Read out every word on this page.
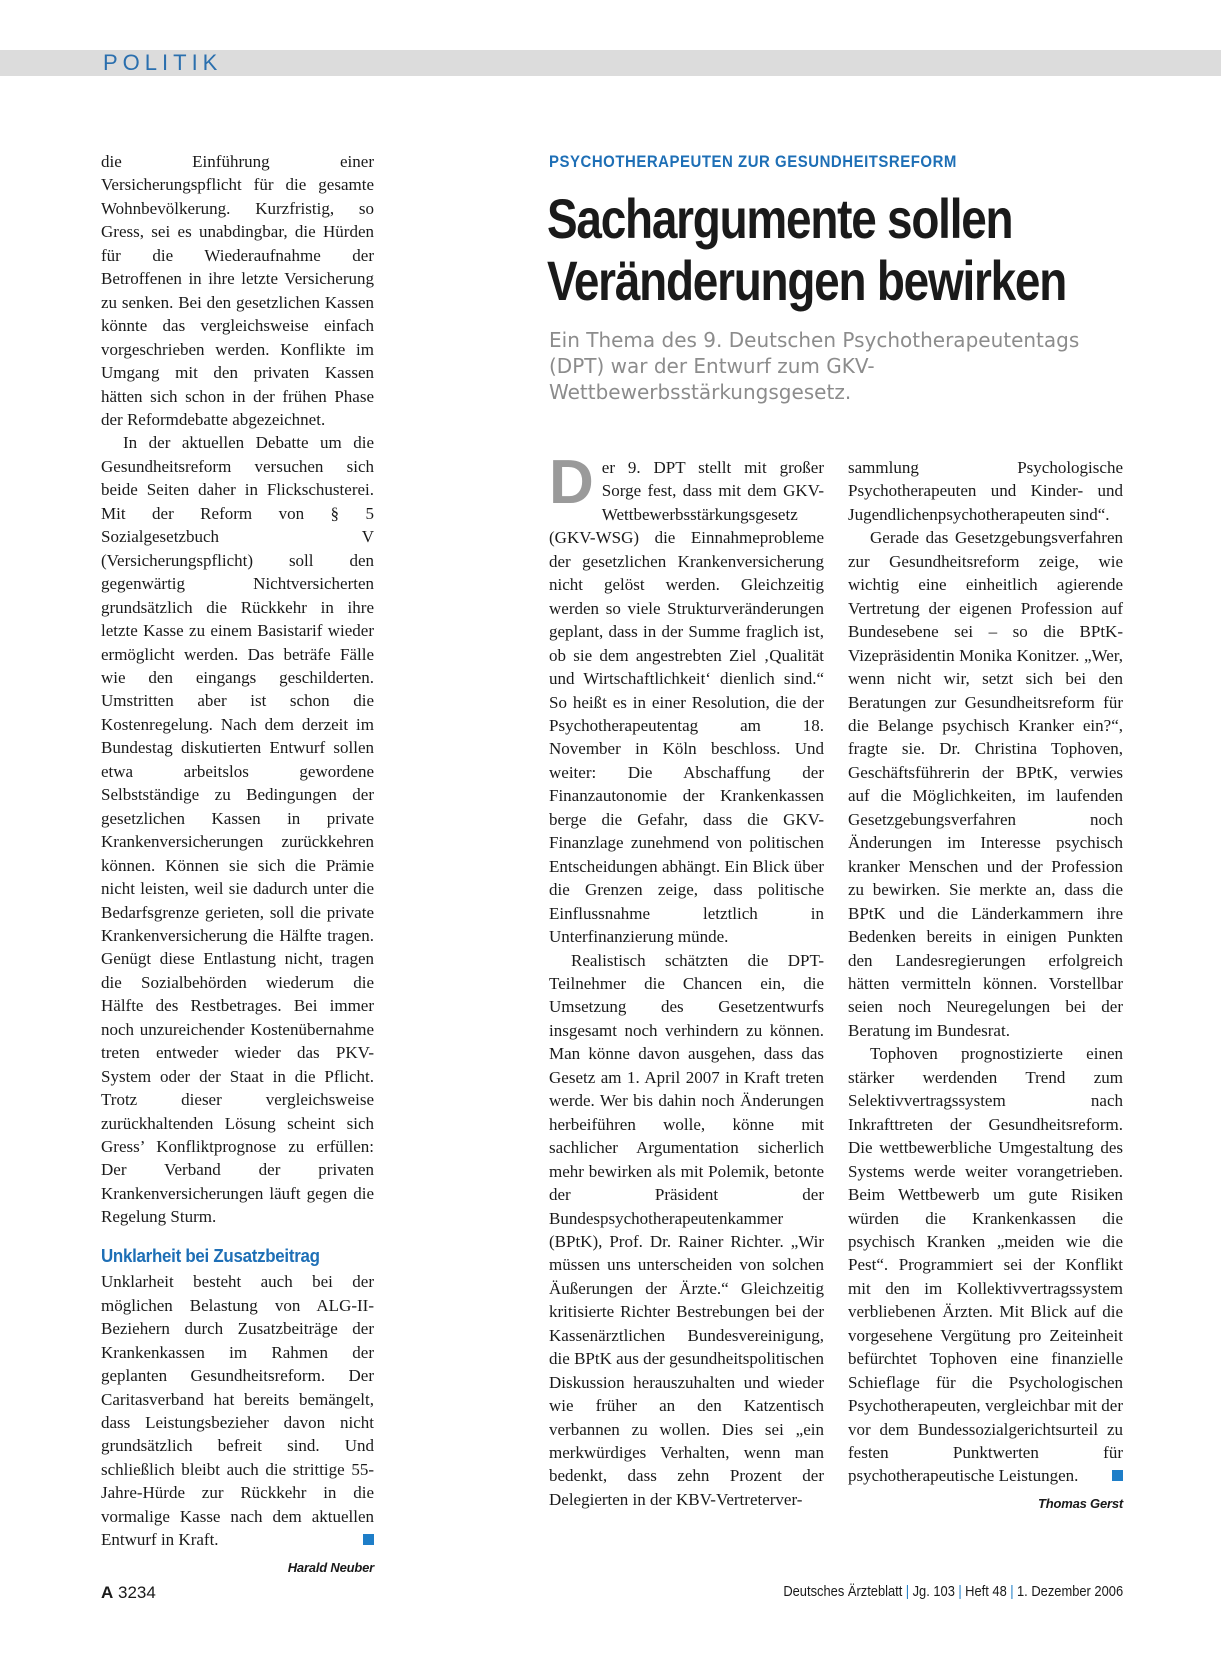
POLITIK

die Einführung einer Versicherungspflicht für die gesamte Wohnbevölkerung. Kurzfristig, so Gress, sei es unabdingbar, die Hürden für die Wiederaufnahme der Betroffenen in ihre letzte Versicherung zu senken. Bei den gesetzlichen Kassen könnte das vergleichsweise einfach vorgeschrieben werden. Konflikte im Umgang mit den privaten Kassen hätten sich schon in der frühen Phase der Reformdebatte abgezeichnet.

In der aktuellen Debatte um die Gesundheitsreform versuchen sich beide Seiten daher in Flickschusterei. Mit der Reform von § 5 Sozialgesetzbuch V (Versicherungspflicht) soll den gegenwärtig Nichtversicherten grundsätzlich die Rückkehr in ihre letzte Kasse zu einem Basistarif wieder ermöglicht werden. Das beträfe Fälle wie den eingangs geschilderten. Umstritten aber ist schon die Kostenregelung. Nach dem derzeit im Bundestag diskutierten Entwurf sollen etwa arbeitslos gewordene Selbstständige zu Bedingungen der gesetzlichen Kassen in private Krankenversicherungen zurückkehren können. Können sie sich die Prämie nicht leisten, weil sie dadurch unter die Bedarfsgrenze gerieten, soll die private Krankenversicherung die Hälfte tragen. Genügt diese Entlastung nicht, tragen die Sozialbehörden wiederum die Hälfte des Restbetrages. Bei immer noch unzureichender Kostenübernahme treten entweder wieder das PKV-System oder der Staat in die Pflicht. Trotz dieser vergleichsweise zurückhaltenden Lösung scheint sich Gress’ Konfliktprognose zu erfüllen: Der Verband der privaten Krankenversicherungen läuft gegen die Regelung Sturm.

Unklarheit bei Zusatzbeitrag

Unklarheit besteht auch bei der möglichen Belastung von ALG-II-Beziehern durch Zusatzbeiträge der Krankenkassen im Rahmen der geplanten Gesundheitsreform. Der Caritasverband hat bereits bemängelt, dass Leistungsbezieher davon nicht grundsätzlich befreit sind. Und schließlich bleibt auch die strittige 55-Jahre-Hürde zur Rückkehr in die vormalige Kasse nach dem aktuellen Entwurf in Kraft.

Harald Neuber
PSYCHOTHERAPEUTEN ZUR GESUNDHEITSREFORM
Sachargumente sollen
Veränderungen bewirken
Ein Thema des 9. Deutschen Psychotherapeutentags (DPT) war der Entwurf zum GKV-Wettbewerbsstärkungsgesetz.

Der 9. DPT stellt mit großer Sorge fest, dass mit dem GKV-Wettbewerbsstärkungsgesetz (GKV-WSG) die Einnahmeprobleme der gesetzlichen Krankenversicherung nicht gelöst werden. Gleichzeitig werden so viele Strukturveränderungen geplant, dass in der Summe fraglich ist, ob sie dem angestrebten Ziel ‚Qualität und Wirtschaftlichkeit‘ dienlich sind.“ So heißt es in einer Resolution, die der Psychotherapeutentag am 18. November in Köln beschloss. Und weiter: Die Abschaffung der Finanzautonomie der Krankenkassen berge die Gefahr, dass die GKV-Finanzlage zunehmend von politischen Entscheidungen abhängt. Ein Blick über die Grenzen zeige, dass politische Einflussnahme letztlich in Unterfinanzierung münde.

Realistisch schätzten die DPT-Teilnehmer die Chancen ein, die Umsetzung des Gesetzentwurfs insgesamt noch verhindern zu können. Man könne davon ausgehen, dass das Gesetz am 1. April 2007 in Kraft treten werde. Wer bis dahin noch Änderungen herbeiführen wolle, könne mit sachlicher Argumentation sicherlich mehr bewirken als mit Polemik, betonte der Präsident der Bundespsychotherapeutenkammer (BPtK), Prof. Dr. Rainer Richter. „Wir müssen uns unterscheiden von solchen Äußerungen der Ärzte.“ Gleichzeitig kritisierte Richter Bestrebungen bei der Kassenärztlichen Bundesvereinigung, die BPtK aus der gesundheitspolitischen Diskussion herauszuhalten und wieder wie früher an den Katzentisch verbannen zu wollen. Dies sei „ein merkwürdiges Verhalten, wenn man bedenkt, dass zehn Prozent der Delegierten in der KBV-Vertreterver-

sammlung Psychologische Psychotherapeuten und Kinder- und Jugendlichenpsychotherapeuten sind“.

Gerade das Gesetzgebungsverfahren zur Gesundheitsreform zeige, wie wichtig eine einheitlich agierende Vertretung der eigenen Profession auf Bundesebene sei – so die BPtK-Vizepräsidentin Monika Konitzer. „Wer, wenn nicht wir, setzt sich bei den Beratungen zur Gesundheitsreform für die Belange psychisch Kranker ein?“, fragte sie. Dr. Christina Tophoven, Geschäftsführerin der BPtK, verwies auf die Möglichkeiten, im laufenden Gesetzgebungsverfahren noch Änderungen im Interesse psychisch kranker Menschen und der Profession zu bewirken. Sie merkte an, dass die BPtK und die Länderkammern ihre Bedenken bereits in einigen Punkten den Landesregierungen erfolgreich hätten vermitteln können. Vorstellbar seien noch Neuregelungen bei der Beratung im Bundesrat.

Tophoven prognostizierte einen stärker werdenden Trend zum Selektivvertragssystem nach Inkrafttreten der Gesundheitsreform. Die wettbewerbliche Umgestaltung des Systems werde weiter vorangetrieben. Beim Wettbewerb um gute Risiken würden die Krankenkassen die psychisch Kranken „meiden wie die Pest“. Programmiert sei der Konflikt mit den im Kollektivvertragssystem verbliebenen Ärzten. Mit Blick auf die vorgesehene Vergütung pro Zeiteinheit befürchtet Tophoven eine finanzielle Schieflage für die Psychologischen Psychotherapeuten, vergleichbar mit der vor dem Bundessozialgerichtsurteil zu festen Punktwerten für psychotherapeutische Leistungen.

Thomas Gerst
A 3234	Deutsches Ärzteblatt | Jg. 103 | Heft 48 | 1. Dezember 2006
